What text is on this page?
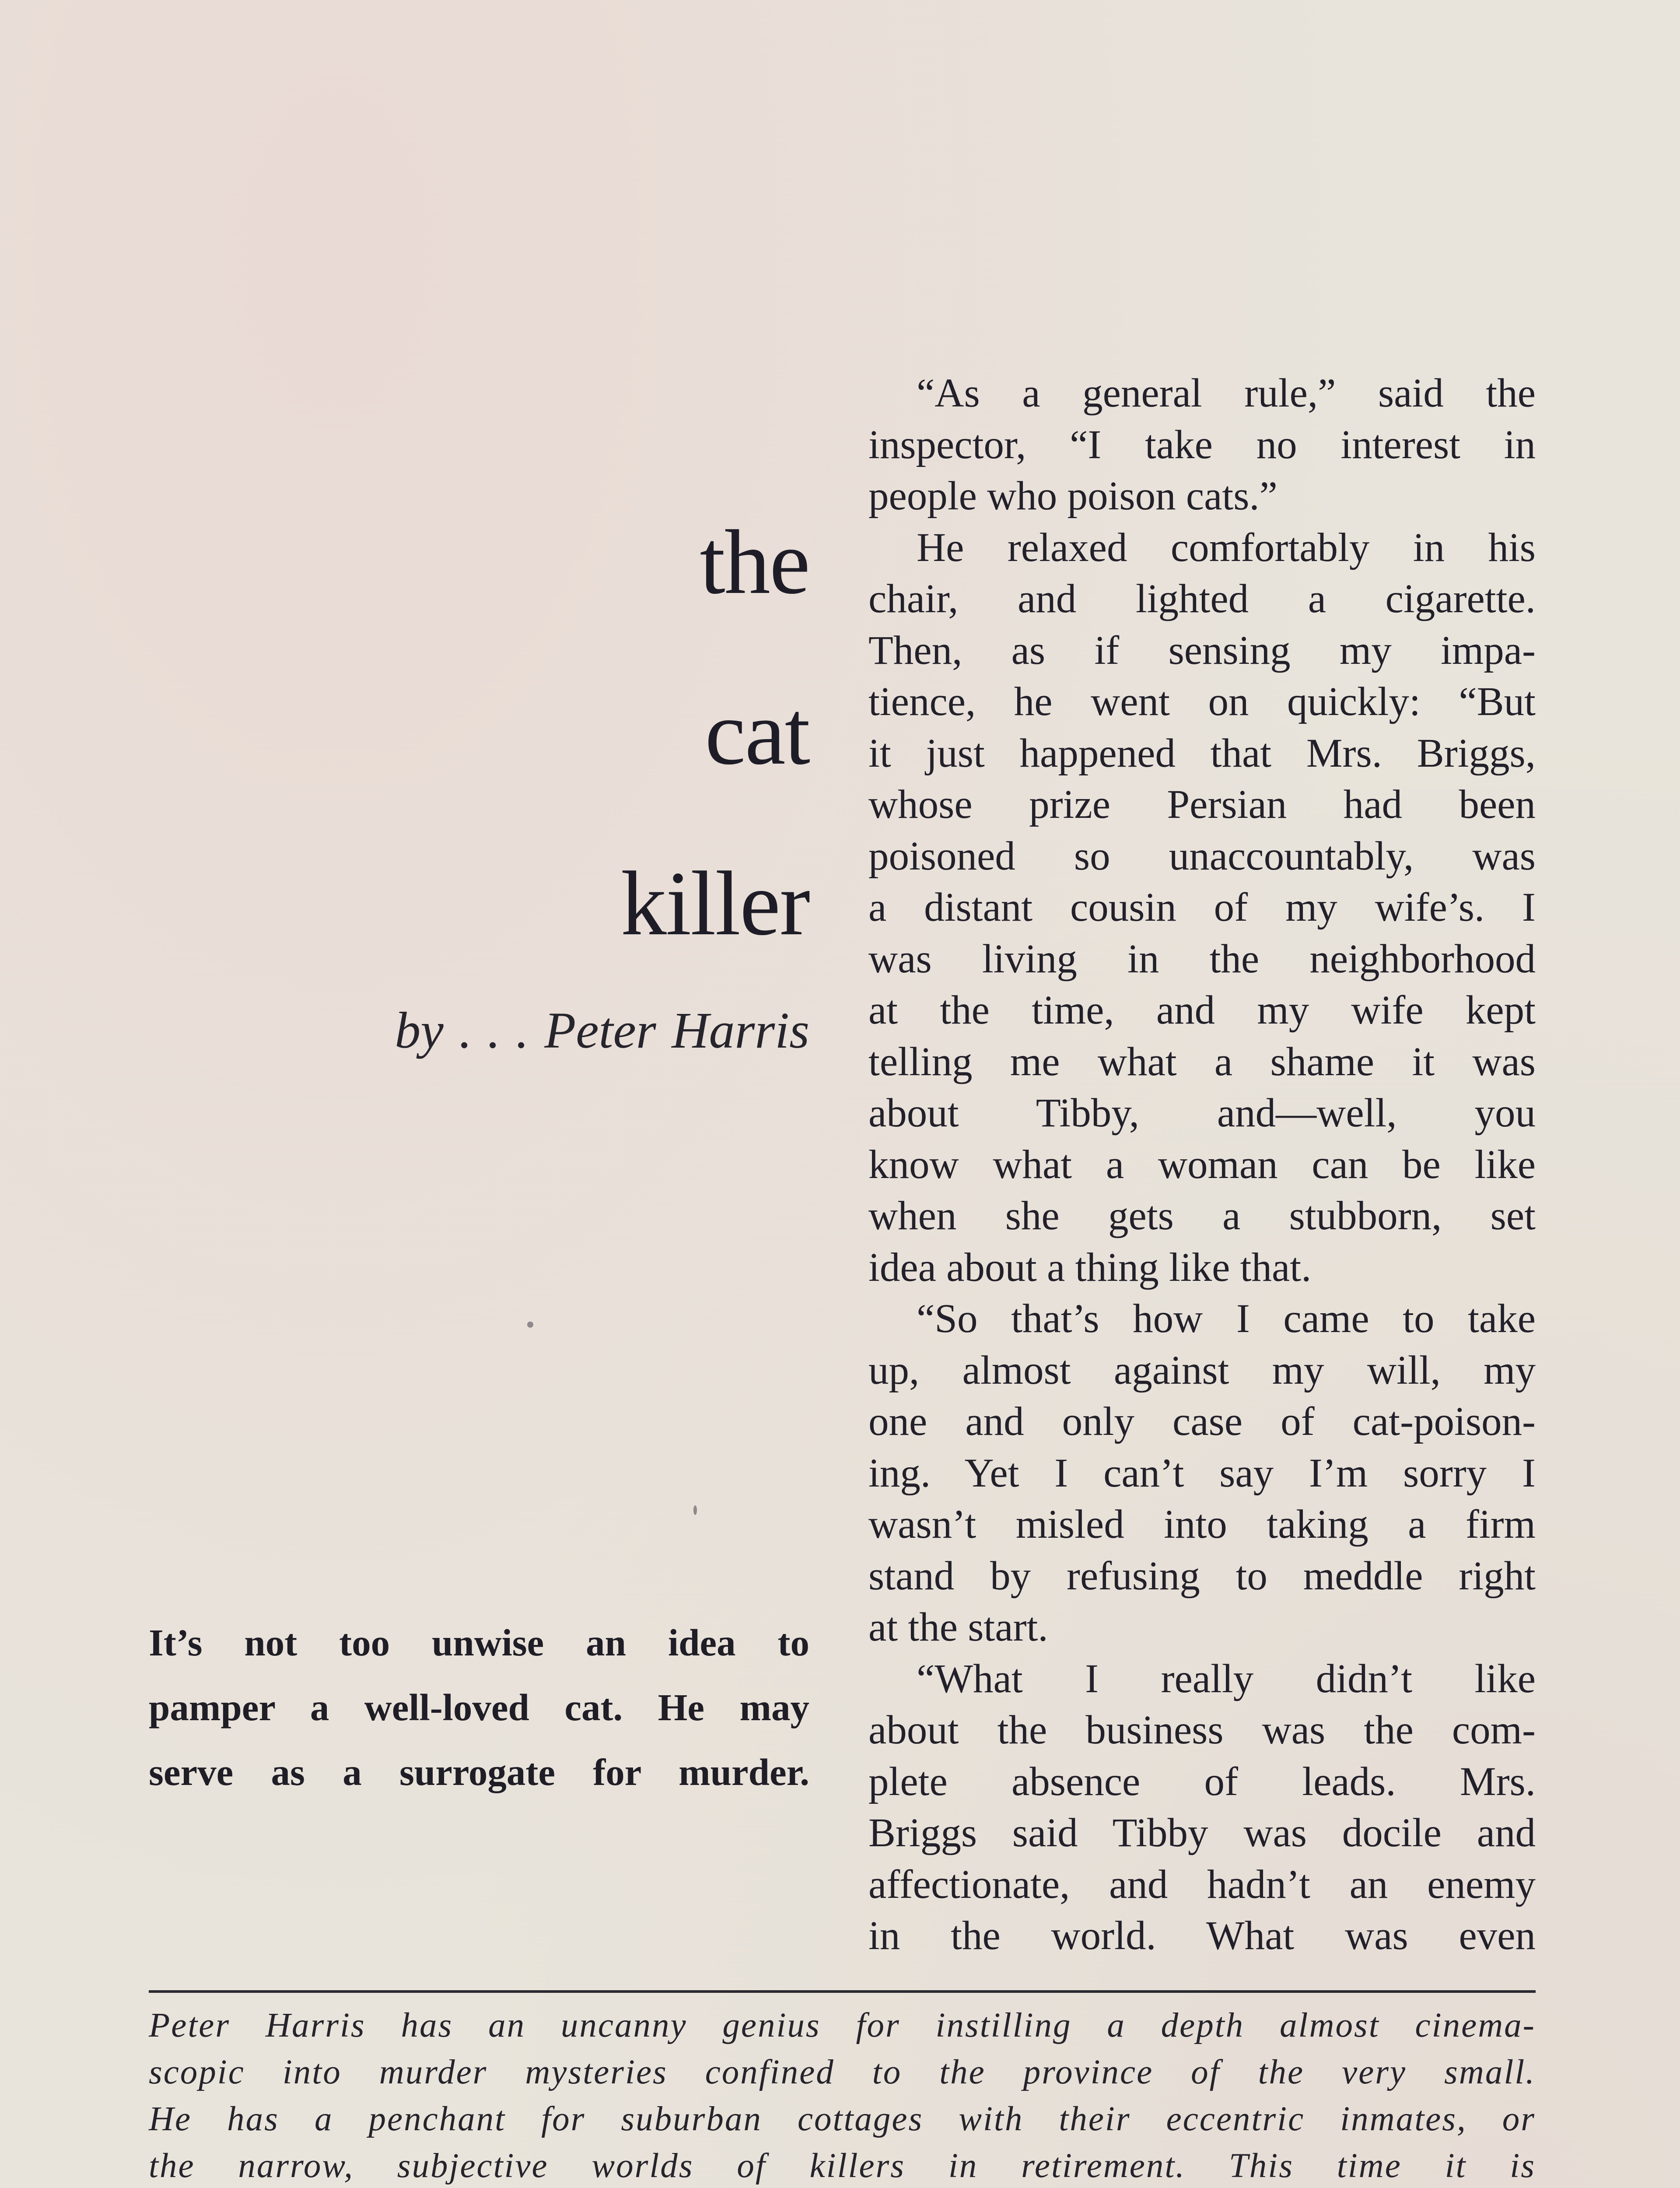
the
cat
killer
by . . . Peter Harris
It’s not too unwise an idea to
pamper a well-loved cat. He may
serve as a surrogate for murder.
“As a general rule,” said the
inspector, “I take no interest in
people who poison cats.”
He relaxed comfortably in his
chair, and lighted a cigarette.
Then, as if sensing my impa-
tience, he went on quickly: “But
it just happened that Mrs. Briggs,
whose prize Persian had been
poisoned so unaccountably, was
a distant cousin of my wife’s. I
was living in the neighborhood
at the time, and my wife kept
telling me what a shame it was
about Tibby, and—well, you
know what a woman can be like
when she gets a stubborn, set
idea about a thing like that.
“So that’s how I came to take
up, almost against my will, my
one and only case of cat-poison-
ing. Yet I can’t say I’m sorry I
wasn’t misled into taking a firm
stand by refusing to meddle right
at the start.
“What I really didn’t like
about the business was the com-
plete absence of leads. Mrs.
Briggs said Tibby was docile and
affectionate, and hadn’t an enemy
in the world. What was even
Peter Harris has an uncanny genius for instilling a depth almost cinema-
scopic into murder mysteries confined to the province of the very small.
He has a penchant for suburban cottages with their eccentric inmates, or
the narrow, subjective worlds of killers in retirement. This time it is
